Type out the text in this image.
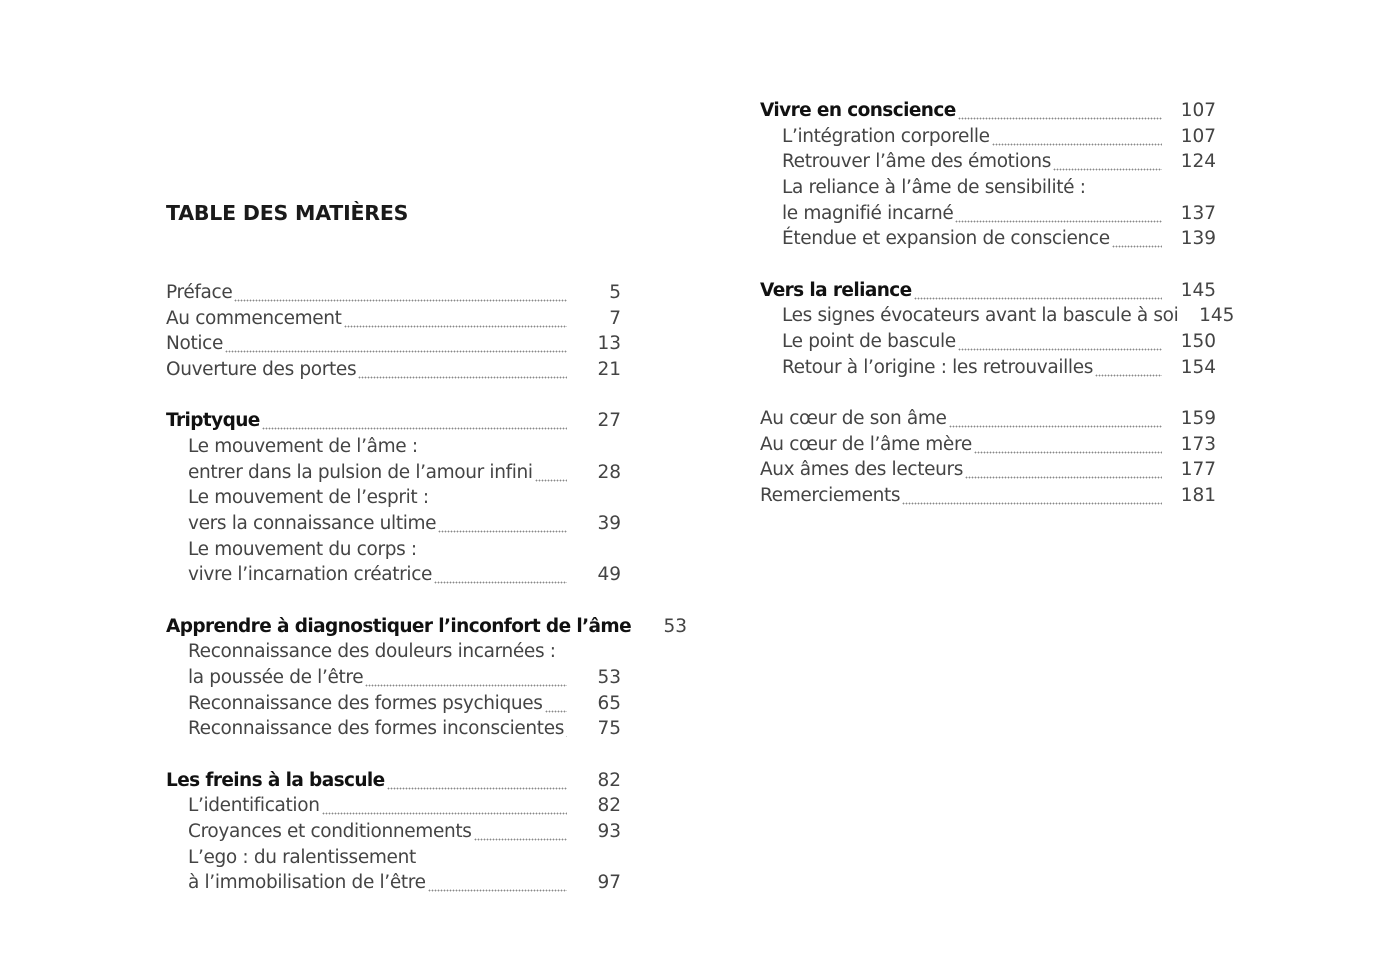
TABLE DES MATIÈRES
Préface	5
Au commencement	7
Notice	13
Ouverture des portes	21
Triptyque	27
Le mouvement de l’âme :
entrer dans la pulsion de l’amour infini	28
Le mouvement de l’esprit :
vers la connaissance ultime	39
Le mouvement du corps :
vivre l’incarnation créatrice	49
Apprendre à diagnostiquer l’inconfort de l’âme	53
Reconnaissance des douleurs incarnées :
la poussée de l’être	53
Reconnaissance des formes psychiques	65
Reconnaissance des formes inconscientes	75
Les freins à la bascule	82
L’identification	82
Croyances et conditionnements	93
L’ego : du ralentissement
à l’immobilisation de l’être	97
Vivre en conscience	107
L’intégration corporelle	107
Retrouver l’âme des émotions	124
La reliance à l’âme de sensibilité :
le magnifié incarné	137
Étendue et expansion de conscience	139
Vers la reliance	145
Les signes évocateurs avant la bascule à soi	145
Le point de bascule	150
Retour à l’origine : les retrouvailles	154
Au cœur de son âme	159
Au cœur de l’âme mère	173
Aux âmes des lecteurs	177
Remerciements	181
